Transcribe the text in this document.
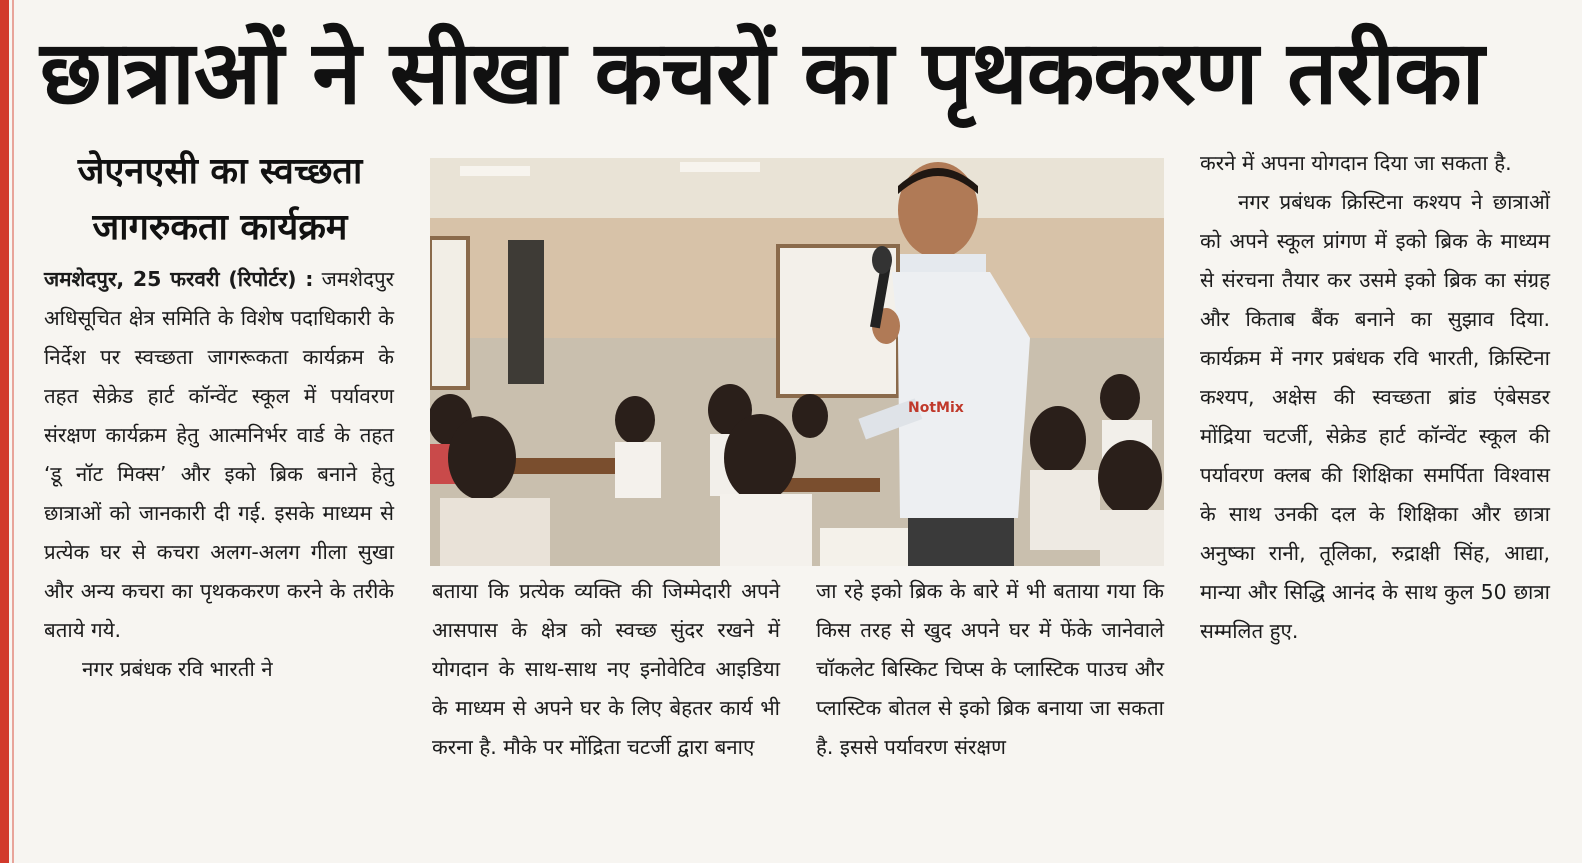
छात्राओं ने सीखा कचरों का पृथककरण तरीका
जेएनएसी का स्वच्छता जागरुकता कार्यक्रम

जमशेदपुर, 25 फरवरी (रिपोर्टर) : जमशेदपुर अधिसूचित क्षेत्र समिति के विशेष पदाधिकारी के निर्देश पर स्वच्छता जागरूकता कार्यक्रम के तहत सेक्रेड हार्ट कॉन्वेंट स्कूल में पर्यावरण संरक्षण कार्यक्रम हेतु आत्मनिर्भर वार्ड के तहत ‘डू नॉट मिक्स’ और इको ब्रिक बनाने हेतु छात्राओं को जानकारी दी गई. इसके माध्यम से प्रत्येक घर से कचरा अलग-अलग गीला सुखा और अन्य कचरा का पृथककरण करने के तरीके बताये गये.

नगर प्रबंधक रवि भारती ने

NotMix

बताया कि प्रत्येक व्यक्ति की जिम्मेदारी अपने आसपास के क्षेत्र को स्वच्छ सुंदर रखने में योगदान के साथ-साथ नए इनोवेटिव आइडिया के माध्यम से अपने घर के लिए बेहतर कार्य भी करना है. मौके पर मोंद्रिता चटर्जी द्वारा बनाए

जा रहे इको ब्रिक के बारे में भी बताया गया कि किस तरह से खुद अपने घर में फेंके जानेवाले चॉकलेट बिस्किट चिप्स के प्लास्टिक पाउच और प्लास्टिक बोतल से इको ब्रिक बनाया जा सकता है. इससे पर्यावरण संरक्षण

करने में अपना योगदान दिया जा सकता है.

नगर प्रबंधक क्रिस्टिना कश्यप ने छात्राओं को अपने स्कूल प्रांगण में इको ब्रिक के माध्यम से संरचना तैयार कर उसमे इको ब्रिक का संग्रह और किताब बैंक बनाने का सुझाव दिया. कार्यक्रम में नगर प्रबंधक रवि भारती, क्रिस्टिना कश्यप, अक्षेस की स्वच्छता ब्रांड एंबेसडर मोंद्रिया चटर्जी, सेक्रेड हार्ट कॉन्वेंट स्कूल की पर्यावरण क्लब की शिक्षिका समर्पिता विश्वास के साथ उनकी दल के शिक्षिका और छात्रा अनुष्का रानी, तूलिका, रुद्राक्षी सिंह, आद्या, मान्या और सिद्धि आनंद के साथ कुल 50 छात्रा सम्मलित हुए.
